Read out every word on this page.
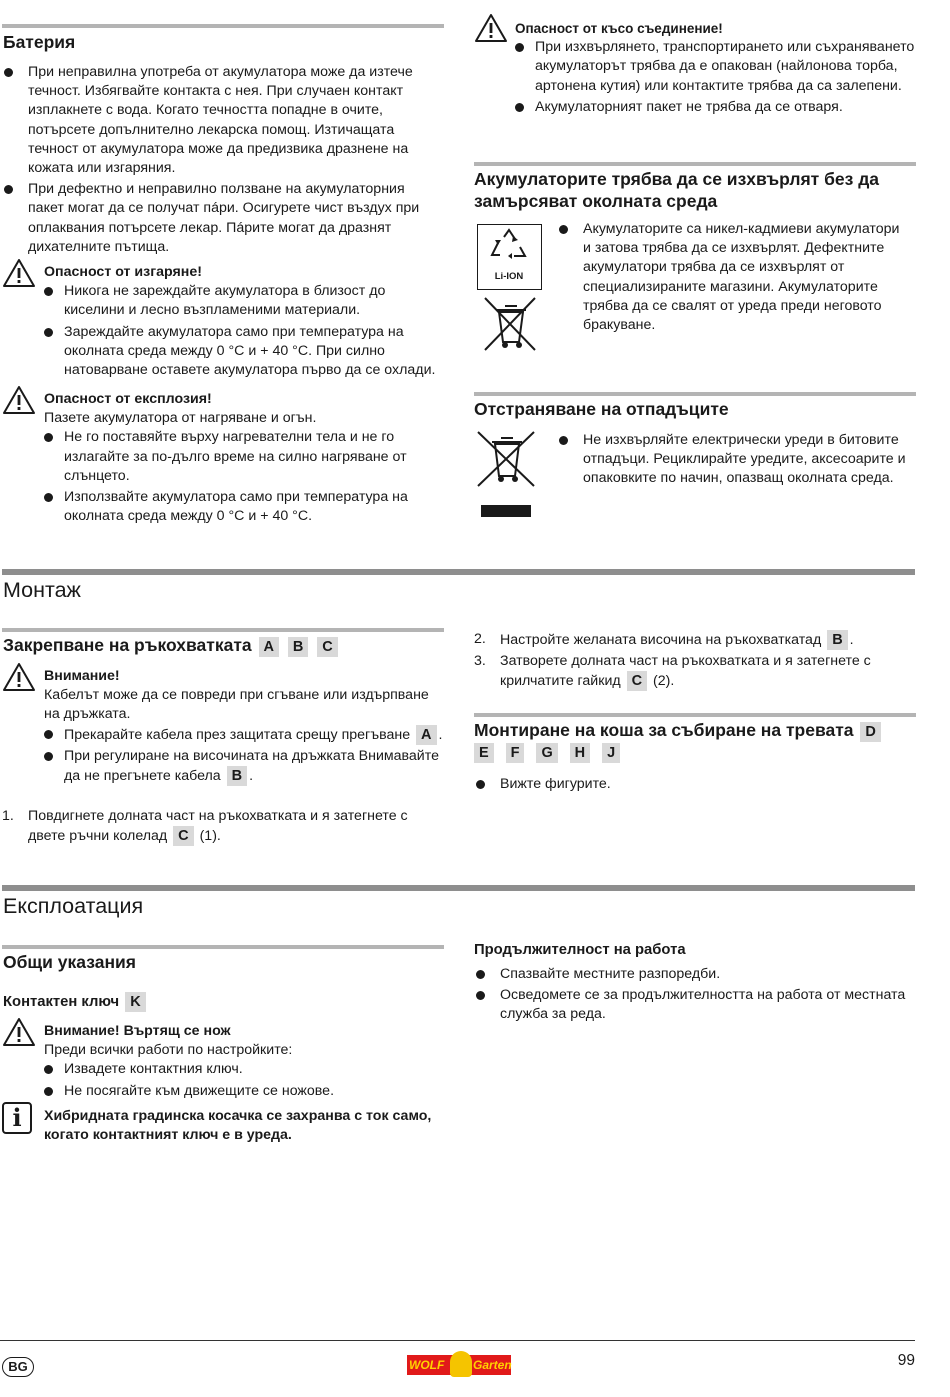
Батерия
При неправилна употреба от акумулатора може да изтече течност. Избягвайте контакта с нея. При случаен контакт изплакнете с вода. Когато течността попадне в очите, потърсете допълнително лекарска помощ. Изтичащата течност от акумулатора може да предизвика дразнене на кожата или изгаряния.
При дефектно и неправилно ползване на акумулаторния пакет могат да се получат пáри. Осигурете чист въздух при оплаквания потърсете лекар. Пáрите могат да дразнят дихателните пътища.
Опасност от изгаряне!
Никога не зареждайте акумулатора в близост до киселини и лесно възпламеними материали.
Зареждайте акумулатора само при температура на околната среда между 0 °C и + 40 °C. При силно натоварване оставете акумулатора първо да се охлади.
Опасност от експлозия!
Пазете акумулатора от нагряване и огън.
Не го поставяйте върху нагревателни тела и не го излагайте за по-дълго време на силно нагряване от слънцето.
Използвайте акумулатора само при температура на околната среда между 0 °C и + 40 °C.
Опасност от късо съединение!
При изхвърлянето, транспортирането или съхраняването акумулаторът трябва да е опакован (найлонова торба, артонена кутия) или контактите трябва да са залепени.
Акумулаторният пакет не трябва да се отваря.
Акумулаторите трябва да се изхвърлят без да замърсяват околната среда
Li-ION
Акумулаторите са никел-кадмиеви акумулатори и затова трябва да се изхвърлят. Дефектните акумулатори трябва да се изхвърлят от специализираните магазини. Акумулаторите трябва да се свалят от уреда преди неговото бракуване.
Отстраняване на отпадъците
Не изхвърляйте електрически уреди в битовите отпадъци. Рециклирайте уредите, аксесоарите и опаковките по начин, опазващ околната среда.
Монтаж
Закрепване на ръкохватката A B C
Внимание!
Кабелът може да се повреди при сгъване или издърпване на дръжката.
Прекарайте кабела през защитата срещу прегъване A .
При регулиране на височината на дръжката Внимавайте да не прегънете кабела B .
1. Повдигнете долната част на ръкохватката и я затегнете с двете ръчни колелад C (1).
2. Настройте желаната височина на ръкохваткатад B .
3. Затворете долната част на ръкохватката и я затегнете с крилчатите гайкид C (2).
Монтиране на коша за събиране на тревата D
E F G H J
Вижте фигурите.
Експлоатация
Общи указания
Контактен ключ K
Внимание! Въртящ се нож
Преди всички работи по настройките:
Извадете контактния ключ.
Не посягайте към движещите се ножове.
i	Хибридната градинска косачка се захранва с ток само, когато контактният ключ е в уреда.
Продължителност на работа
Спазвайте местните разпоредби.
Осведомете се за продължителността на работа от местната служба за реда.
BG	WOLF Garten	99
